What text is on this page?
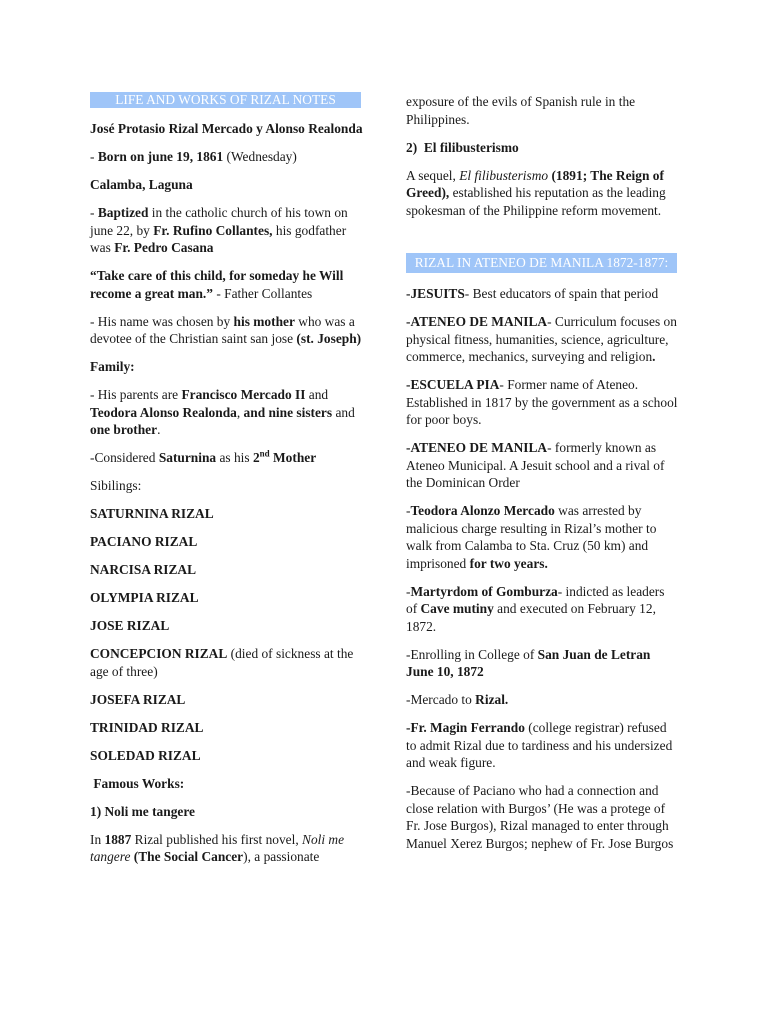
LIFE AND WORKS OF RIZAL NOTES

José Protasio Rizal Mercado y Alonso Realonda

- Born on june 19, 1861 (Wednesday)

Calamba, Laguna

- Baptized in the catholic church of his town on june 22, by Fr. Rufino Collantes, his godfather was Fr. Pedro Casana

“Take care of this child, for someday he Will recome a great man.” - Father Collantes

- His name was chosen by his mother who was a devotee of the Christian saint san jose (st. Joseph)

Family:

- His parents are Francisco Mercado II and Teodora Alonso Realonda, and nine sisters and one brother.

-Considered Saturnina as his 2nd Mother

Sibilings:

SATURNINA RIZAL

PACIANO RIZAL

NARCISA RIZAL

OLYMPIA RIZAL

JOSE RIZAL

CONCEPCION RIZAL (died of sickness at the age of three)

JOSEFA RIZAL

TRINIDAD RIZAL

SOLEDAD RIZAL

Famous Works:

1) Noli me tangere

In 1887 Rizal published his first novel, Noli me tangere (The Social Cancer), a passionate

exposure of the evils of Spanish rule in the Philippines.

2)  El filibusterismo

A sequel, El filibusterismo (1891; The Reign of Greed), established his reputation as the leading spokesman of the Philippine reform movement.

RIZAL IN ATENEO DE MANILA 1872-1877:

-JESUITS- Best educators of spain that period

-ATENEO DE MANILA- Curriculum focuses on physical fitness, humanities, science, agriculture, commerce, mechanics, surveying and religion.

-ESCUELA PIA- Former name of Ateneo. Established in 1817 by the government as a school for poor boys.

-ATENEO DE MANILA- formerly known as Ateneo Municipal. A Jesuit school and a rival of the Dominican Order

-Teodora Alonzo Mercado was arrested by malicious charge resulting in Rizal’s mother to walk from Calamba to Sta. Cruz (50 km) and imprisoned for two years.

-Martyrdom of Gomburza- indicted as leaders of Cave mutiny and executed on February 12, 1872.

-Enrolling in College of San Juan de Letran June 10, 1872

-Mercado to Rizal.

-Fr. Magin Ferrando (college registrar) refused to admit Rizal due to tardiness and his undersized and weak figure.

-Because of Paciano who had a connection and close relation with Burgos’ (He was a protege of Fr. Jose Burgos), Rizal managed to enter through Manuel Xerez Burgos; nephew of Fr. Jose Burgos
